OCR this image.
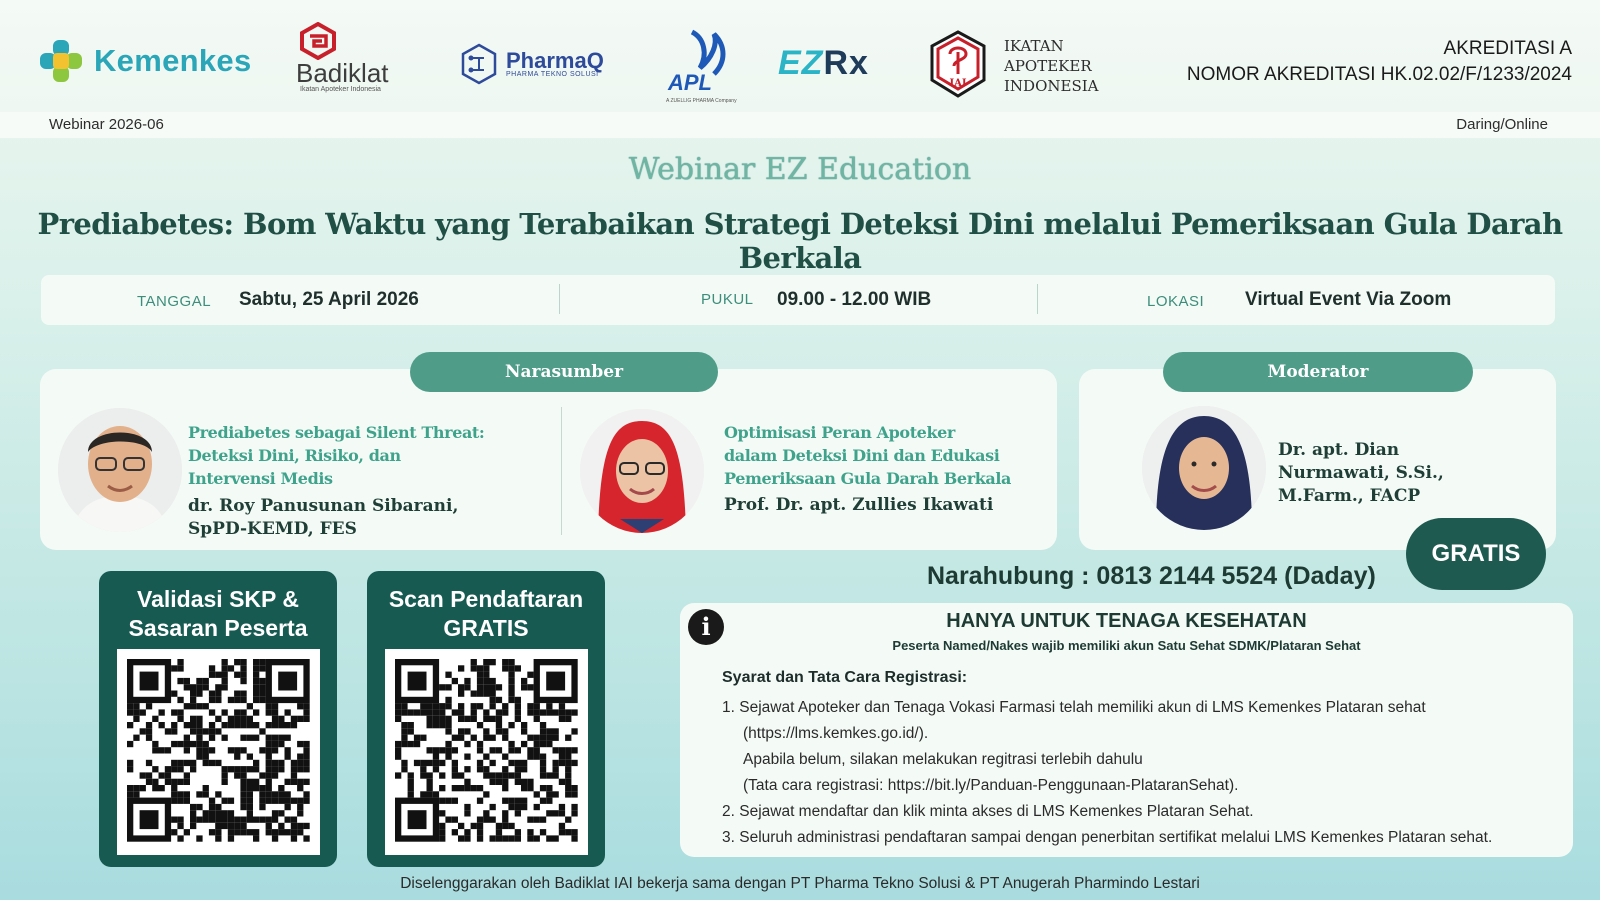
Kemenkes Badiklat
Ikatan Apoteker Indonesia
PharmaQ
PHARMA TEKNO SOLUSI	APL
A ZUELLIG PHARMA Company
EZRx
IAI
IKATAN
APOTEKER
INDONESIA
AKREDITASI A
NOMOR AKREDITASI HK.02.02/F/1233/2024
Webinar 2026-06	Daring/Online
Webinar EZ Education
Prediabetes: Bom Waktu yang Terabaikan Strategi Deteksi Dini melalui Pemeriksaan Gula Darah Berkala
TANGGAL Sabtu, 25 April 2026	PUKUL 09.00 - 12.00 WIB	LOKASI Virtual Event Via Zoom
Prediabetes sebagai Silent Threat:
Deteksi Dini, Risiko, dan
Intervensi Medis
dr. Roy Panusunan Sibarani,
SpPD-KEMD, FES
Optimisasi Peran Apoteker
dalam Deteksi Dini dan Edukasi
Pemeriksaan Gula Darah Berkala
Prof. Dr. apt. Zullies Ikawati
Narasumber
Dr. apt. Dian
Nurmawati, S.Si.,
M.Farm., FACP
Moderator
GRATIS
Narahubung : 0813 2144 5524 (Daday)
Validasi SKP &
Sasaran Peserta
Scan Pendaftaran
GRATIS	i	HANYA UNTUK TENAGA KESEHATAN
Peserta Named/Nakes wajib memiliki akun Satu Sehat SDMK/Plataran Sehat
Syarat dan Tata Cara Registrasi:
1. Sejawat Apoteker dan Tenaga Vokasi Farmasi telah memiliki akun di LMS Kemenkes Plataran sehat
(https://lms.kemkes.go.id/).
Apabila belum, silakan melakukan regitrasi terlebih dahulu
(Tata cara registrasi: https://bit.ly/Panduan-Penggunaan-PlataranSehat).
2. Sejawat mendaftar dan klik minta akses di LMS Kemenkes Plataran Sehat.
3. Seluruh administrasi pendaftaran sampai dengan penerbitan sertifikat melalui LMS Kemenkes Plataran sehat.
Diselenggarakan oleh Badiklat IAI bekerja sama dengan PT Pharma Tekno Solusi & PT Anugerah Pharmindo Lestari
